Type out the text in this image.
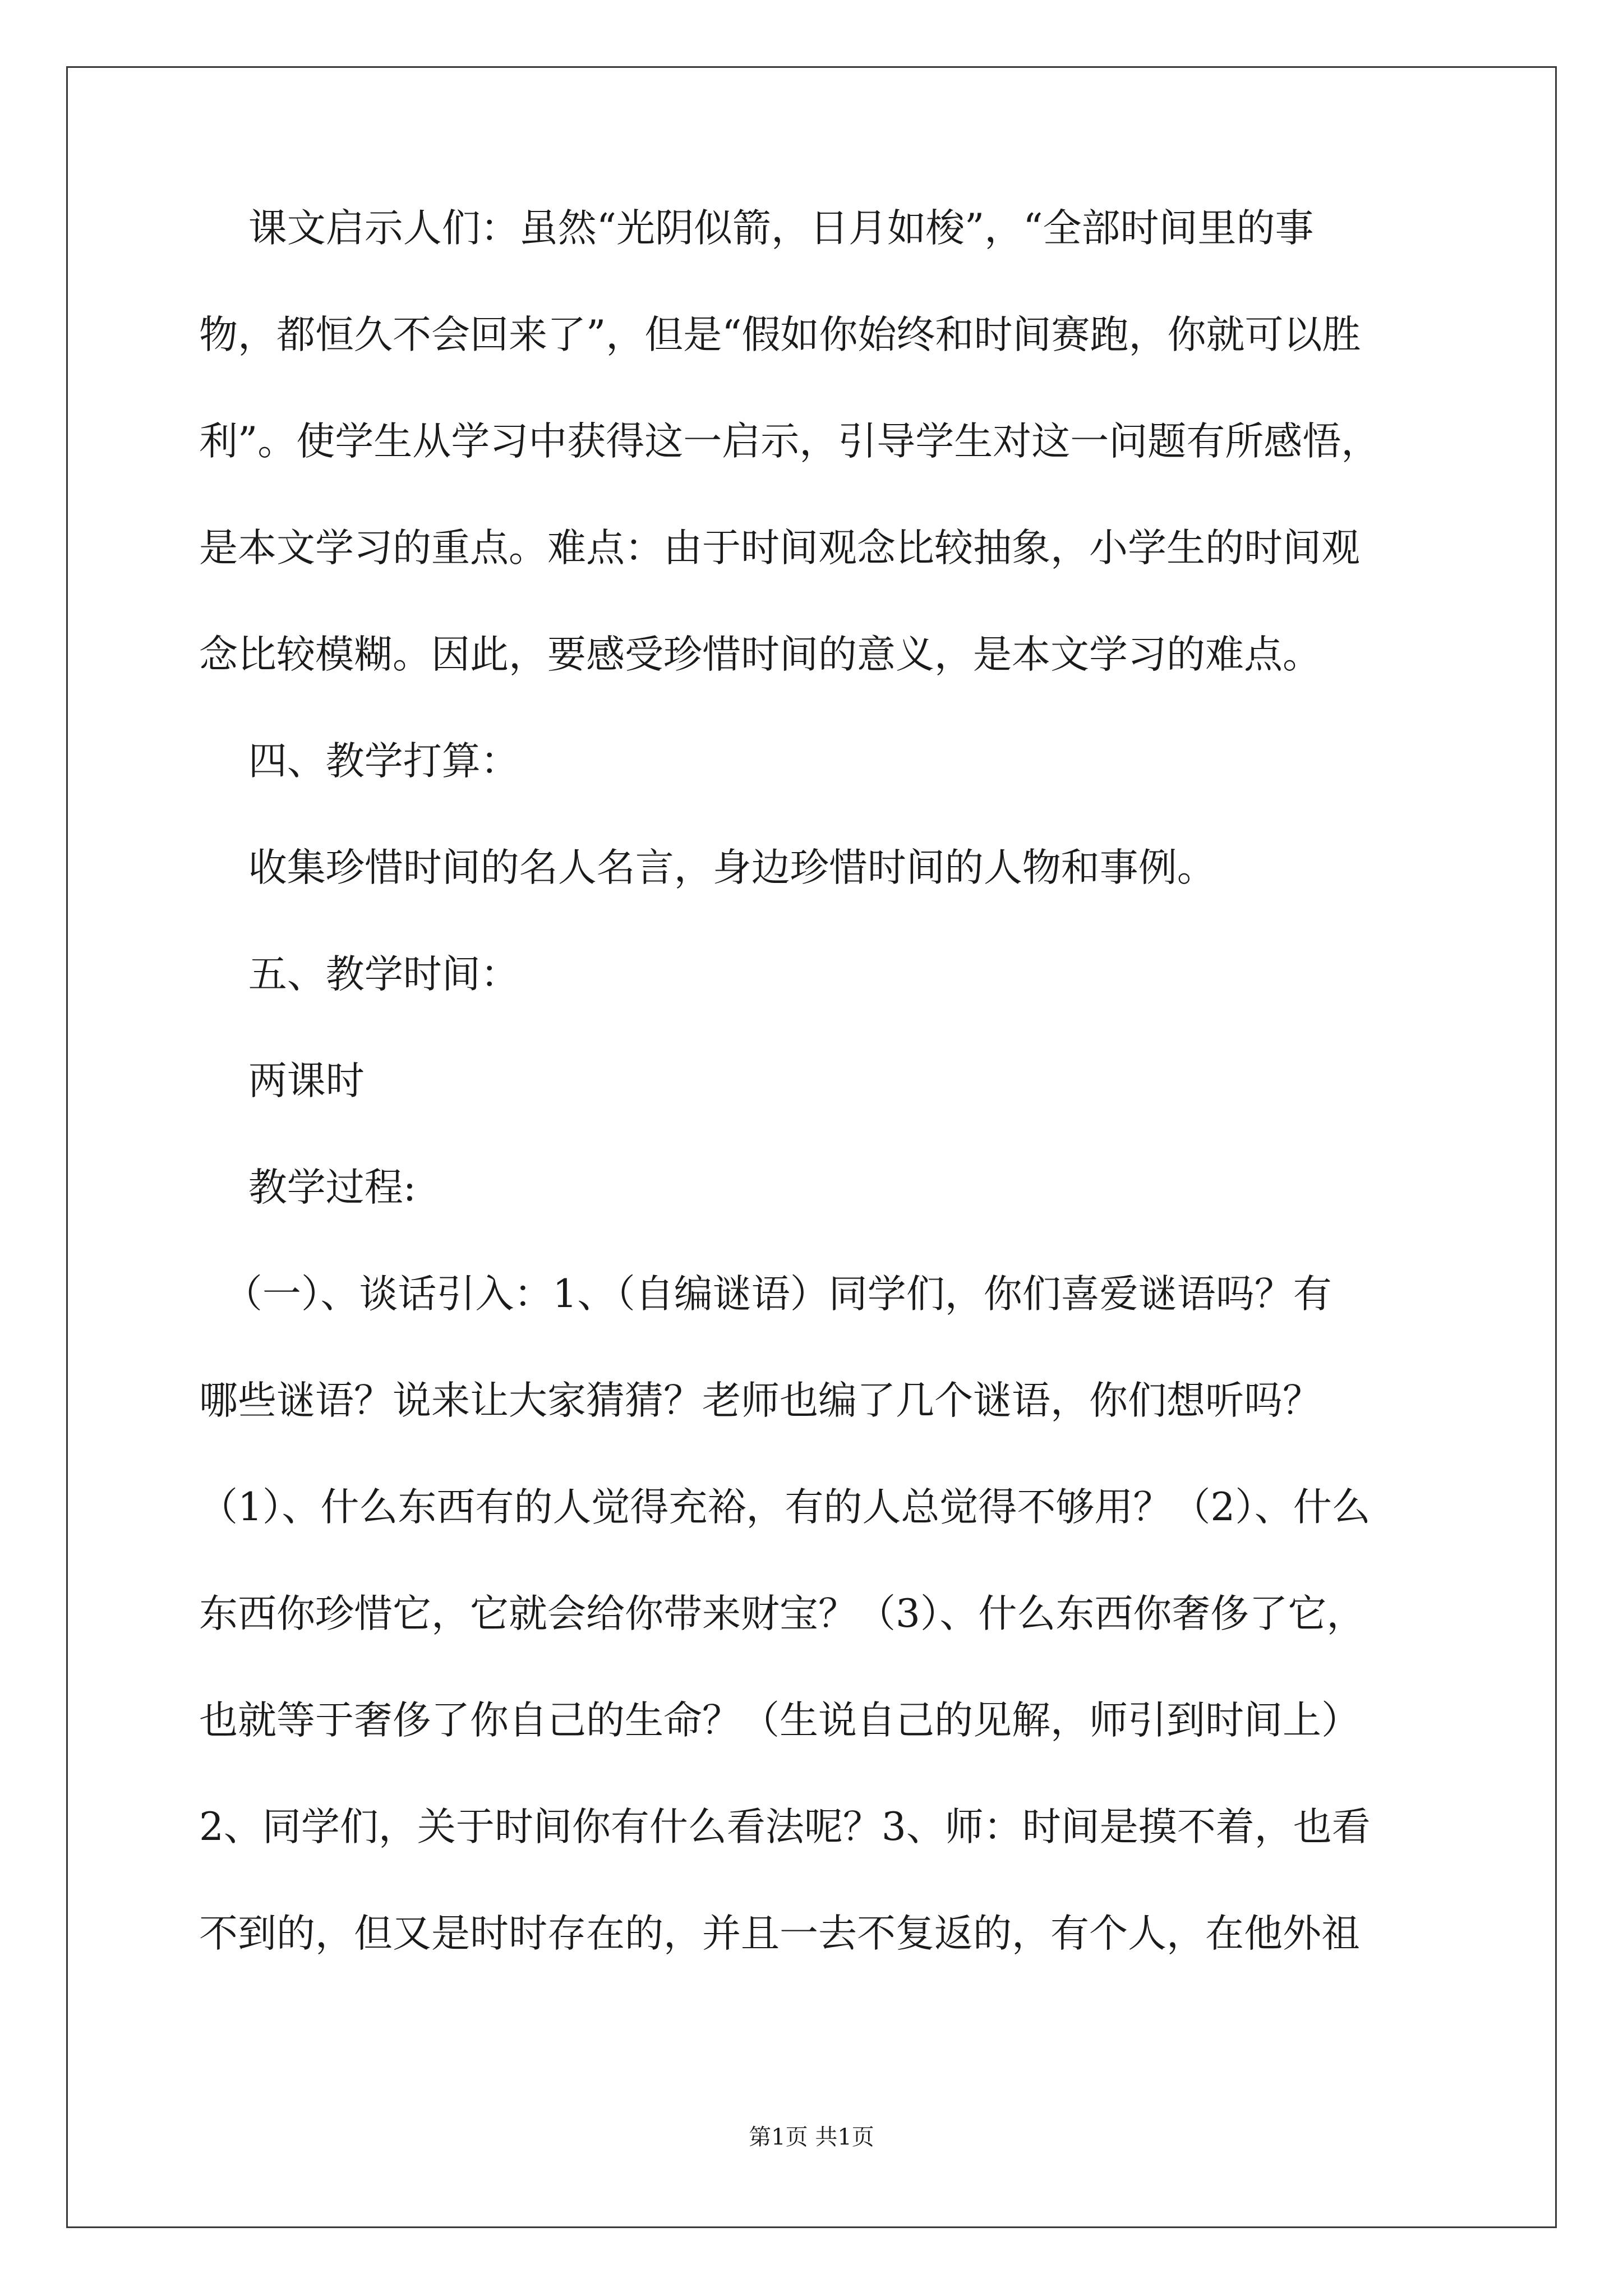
课文启示人们：虽然“光阴似箭，日月如梭”，“全部时间里的事
物，都恒久不会回来了”，但是“假如你始终和时间赛跑，你就可以胜
利”。使学生从学习中获得这一启示，引导学生对这一问题有所感悟，
是本文学习的重点。难点：由于时间观念比较抽象，小学生的时间观
念比较模糊。因此，要感受珍惜时间的意义，是本文学习的难点。
四、教学打算：
收集珍惜时间的名人名言，身边珍惜时间的人物和事例。
五、教学时间：
两课时
教学过程:
（一）、谈话引入：1、（自编谜语）同学们，你们喜爱谜语吗？有
哪些谜语？说来让大家猜猜？老师也编了几个谜语，你们想听吗？
（1）、什么东西有的人觉得充裕，有的人总觉得不够用？（2）、什么
东西你珍惜它，它就会给你带来财宝？（3）、什么东西你奢侈了它，
也就等于奢侈了你自己的生命？（生说自己的见解，师引到时间上）
2、同学们，关于时间你有什么看法呢？3、师：时间是摸不着，也看
不到的，但又是时时存在的，并且一去不复返的，有个人，在他外祖
第1页 共1页
